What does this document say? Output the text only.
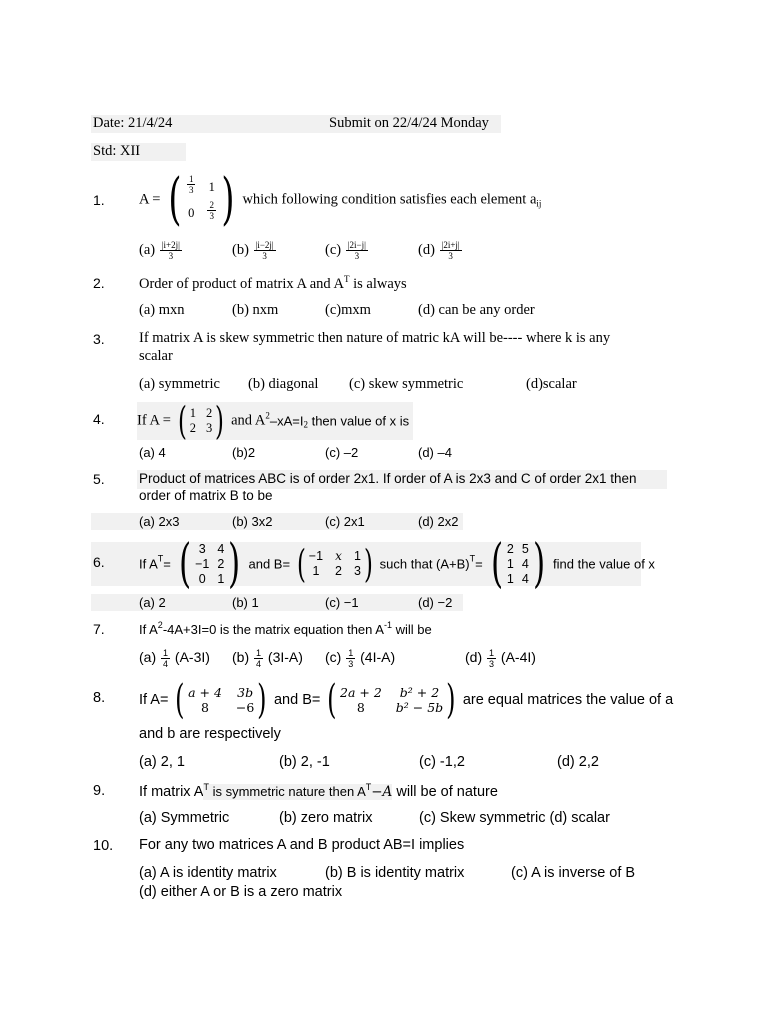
Date: 21/4/24	Submit on 22/4/24 Monday
Std: XII
1. A = ( $\frac{1}{3} 1$
$0 \frac{2}{3}$ ) which following condition satisfies each element $a_{ij}$
$(a) \frac{|i+2j|}{3}$	$(b) \frac{|i-2j|}{3}$	$(c) \frac{|2i-j|}{3}$	$(d) \frac{|2i+j|}{3}$
2. Order of product of matrix A and $A^T$ is always
(a) mxn	(b) nxm	(c)mxm	(d) can be any order
3. If matrix A is skew symmetric then nature of matric kA will be---- where k is any
scalar
(a) symmetric (b) diagonal (c) skew symmetric	(d)scalar
4. If A = ( 1 2
2 3 ) and $A^2-xA=I_2$ then value of x is
(a) 4	(b)2	(c) –2	(d) –4
5.	Product of matrices ABC is of order 2x1. If order of A is 2x3 and C of order 2x1 then
order of matrix B to be
(a) 2x3	(b) 3x2	(c) 2x1	(d) 2x2
6.	If $A^T=$ ( 3 4
−1 2
0 1 ) and B= ( −1 x 1
1 2 3 ) such that $(A+B)^T=$ ( 2 5
1 4
1 4 ) find the value of x
(a) 2	(b) 1	(c) −1	(d) −2
7.	If $A^2-4A+3I=0$ is the matrix equation then $A^{-1}$ will be
$(a) \frac{1}{4} (A-3I)$ $(b) \frac{1}{4} (3I-A)$ $(c) \frac{1}{3} (4I-A)$	$(d) \frac{1}{3} (A-4I)$
8. If A= ( a + 4 3b
8	−6 ) and B= ( 2a + 2	b² + 2
8	b² − 5b ) are equal matrices the value of a
and b are respectively
(a) 2, 1	(b) 2, -1	(c) -1,2	(d) 2,2
9. If matrix $A^T$ is symmetric nature then $A^T-A$ will be of nature
(a) Symmetric	(b) zero matrix	(c) Skew symmetric (d) scalar
10. For any two matrices A and B product AB=I implies
(a) A is identity matrix	(b) B is identity matrix	(c) A is inverse of B
(d) either A or B is a zero matrix
